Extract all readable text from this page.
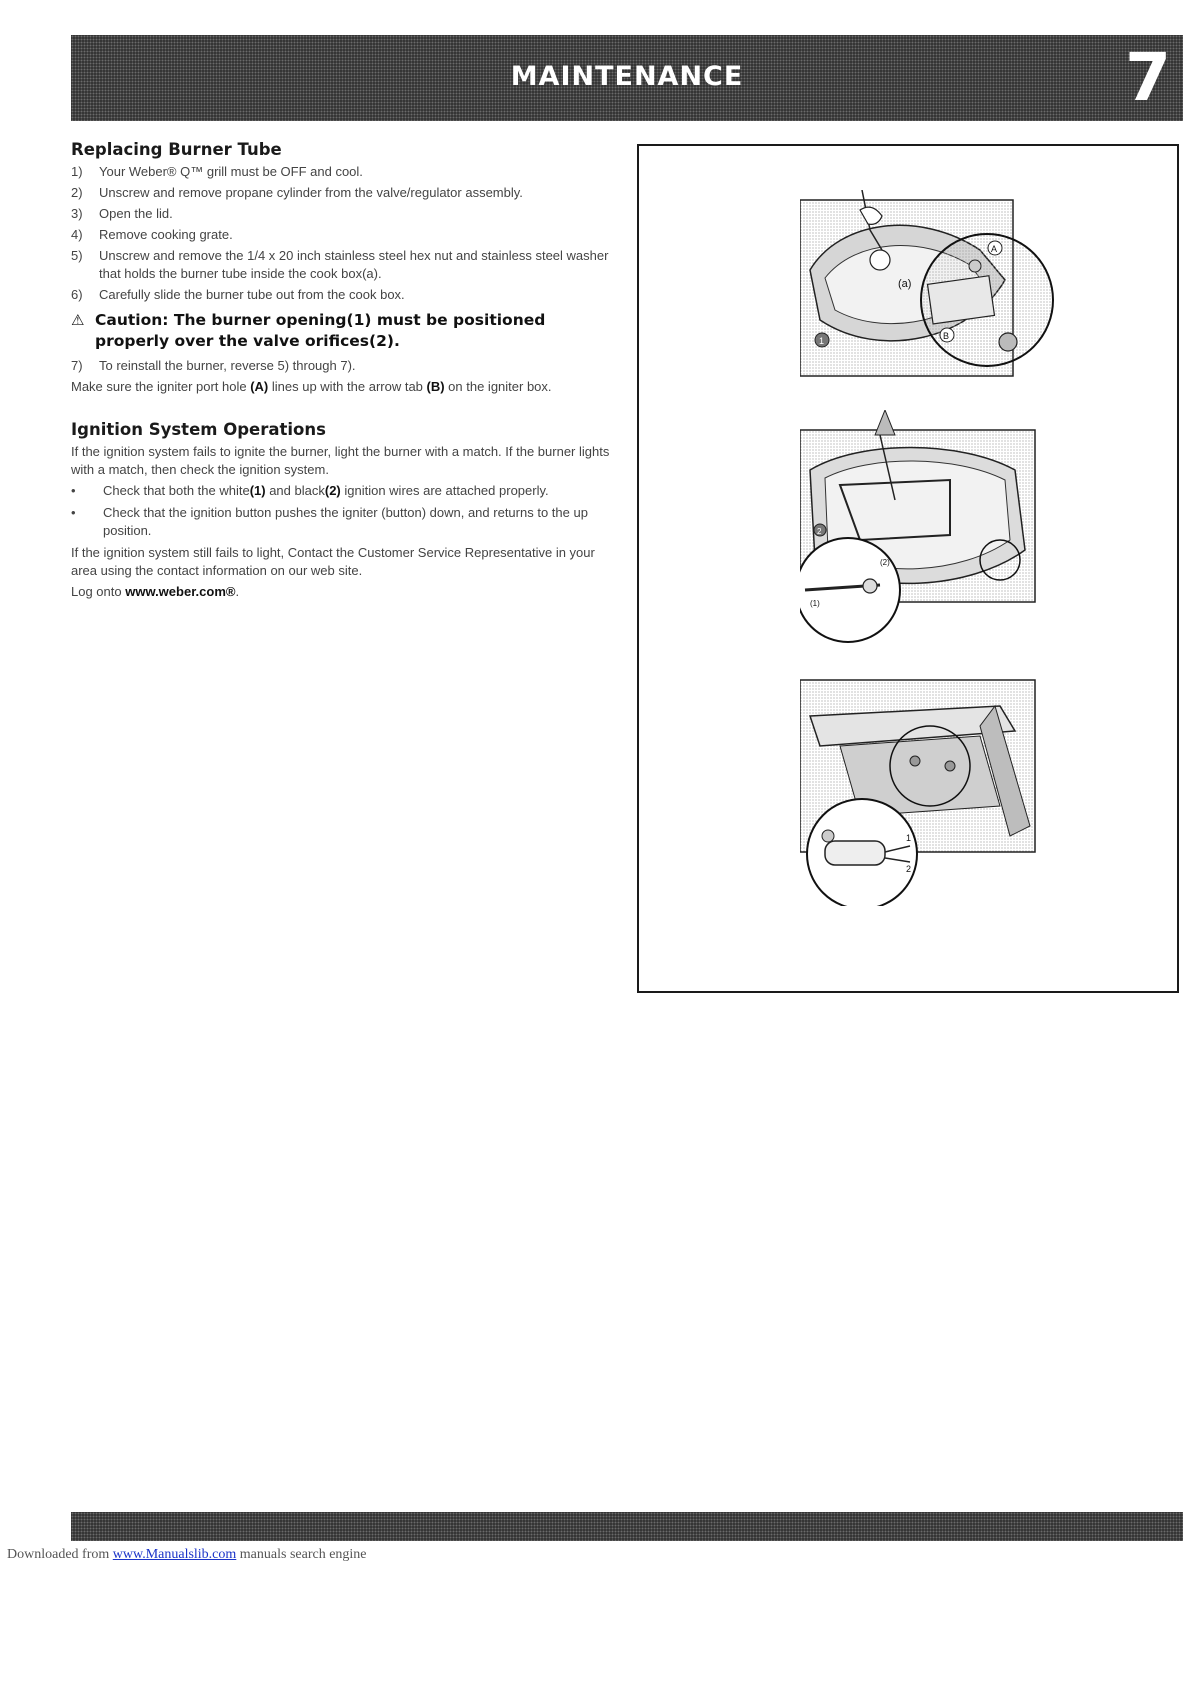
MAINTENANCE	7
Replacing Burner Tube
1) Your Weber® Q™ grill must be OFF and cool.
2) Unscrew and remove propane cylinder from the valve/regulator assembly.
3) Open the lid.
4) Remove cooking grate.
5) Unscrew and remove the 1/4 x 20 inch stainless steel hex nut and stainless steel washer that holds the burner tube inside the cook box(a).
6) Carefully slide the burner tube out from the cook box.
⚠ Caution: The burner opening(1) must be positioned properly over the valve orifices(2).
7) To reinstall the burner, reverse 5) through 7).

Make sure the igniter port hole (A) lines up with the arrow tab (B) on the igniter box.

Ignition System Operations

If the ignition system fails to ignite the burner, light the burner with a match. If the burner lights with a match, then check the ignition system.

• Check that both the white(1) and black(2) ignition wires are attached properly.
• Check that the ignition button pushes the igniter (button) down, and returns to the up position.

If the ignition system still fails to light, Contact the Customer Service Representative in your area using the contact information on our web site.

Log onto www.weber.com®.

(a)
A
B
1
(2)
(1)
2
1
2
Downloaded from www.Manualslib.com manuals search engine
